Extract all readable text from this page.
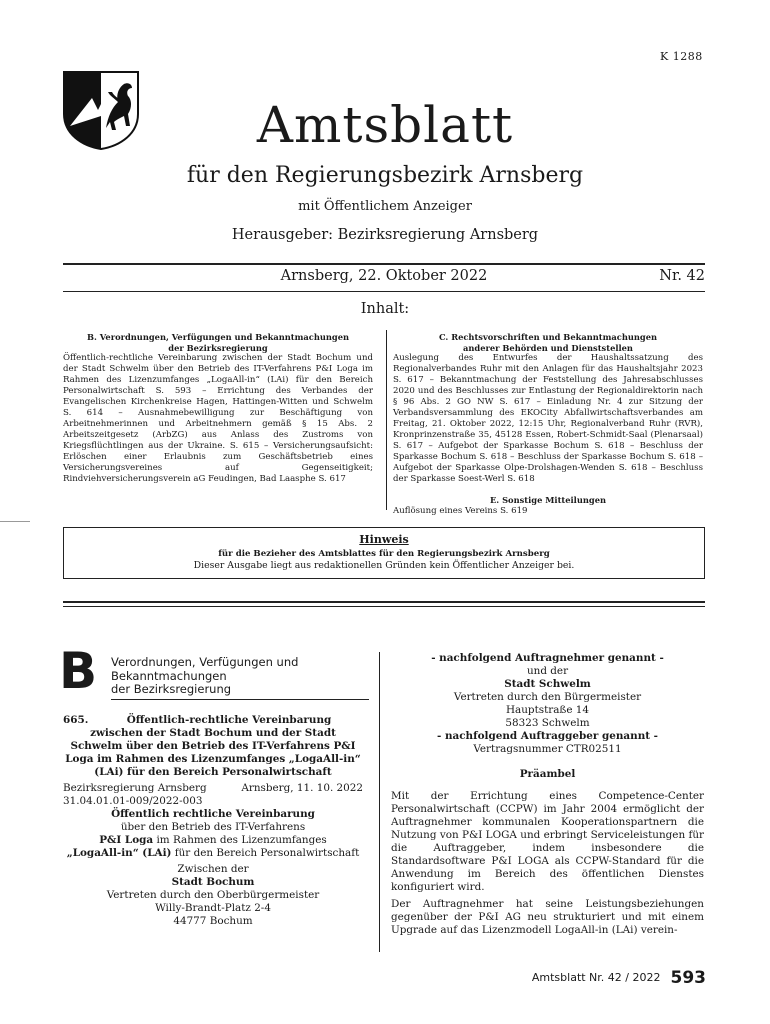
K 1288
Amtsblatt
für den Regierungsbezirk Arnsberg
mit Öffentlichem Anzeiger
Herausgeber: Bezirksregierung Arnsberg
Arnsberg, 22. Oktober 2022	Nr. 42
Inhalt:
B. Verordnungen, Verfügungen und Bekanntmachungen
der Bezirksregierung
Öffentlich-rechtliche Vereinbarung zwischen der Stadt Bochum und der Stadt Schwelm über den Betrieb des IT-Verfahrens P&I Loga im Rahmen des Lizenzumfanges „LogaAll-in“ (LAi) für den Bereich Personalwirtschaft S. 593 – Errichtung des Verbandes der Evangelischen Kirchenkreise Hagen, Hattingen-Witten und Schwelm S. 614 – Ausnahmebewilligung zur Beschäftigung von Arbeitnehmerinnen und Arbeitnehmern gemäß § 15 Abs. 2 Arbeitszeitgesetz (ArbZG) aus Anlass des Zustroms von Kriegsflüchtlingen aus der Ukraine. S. 615 – Versicherungsaufsicht: Erlöschen einer Erlaubnis zum Geschäftsbetrieb eines Versicherungsvereines auf Gegenseitigkeit; Rindviehversicherungsverein aG Feudingen, Bad Laasphe S. 617
C. Rechtsvorschriften und Bekanntmachungen
anderer Behörden und Dienststellen
Auslegung des Entwurfes der Haushaltssatzung des Regionalverbandes Ruhr mit den Anlagen für das Haushaltsjahr 2023 S. 617 – Bekanntmachung der Feststellung des Jahresabschlusses 2020 und des Beschlusses zur Entlastung der Regionaldirektorin nach § 96 Abs. 2 GO NW S. 617 – Einladung Nr. 4 zur Sitzung der Verbandsversammlung des EKOCity Abfallwirtschaftsverbandes am Freitag, 21. Oktober 2022, 12:15 Uhr, Regionalverband Ruhr (RVR), Kronprinzenstraße 35, 45128 Essen, Robert-Schmidt-Saal (Plenarsaal) S. 617 – Aufgebot der Sparkasse Bochum S. 618 – Beschluss der Sparkasse Bochum S. 618 – Beschluss der Sparkasse Bochum S. 618 – Aufgebot der Sparkasse Olpe-Drolshagen-Wenden S. 618 – Beschluss der Sparkasse Soest-Werl S. 618
E. Sonstige Mitteilungen
Auflösung eines Vereins S. 619
Hinweis
für die Bezieher des Amtsblattes für den Regierungsbezirk Arnsberg
Dieser Ausgabe liegt aus redaktionellen Gründen kein Öffentlicher Anzeiger bei.
B Verordnungen, Verfügungen und
Bekanntmachungen
der Bezirksregierung
665.	Öffentlich-rechtliche Vereinbarung
zwischen der Stadt Bochum und der Stadt Schwelm über den Betrieb des IT-Verfahrens P&I Loga im Rahmen des Lizenzumfanges „LogaAll-in“ (LAi) für den Bereich Personalwirtschaft
Bezirksregierung Arnsberg	Arnsberg, 11. 10. 2022
31.04.01.01-009/2022-003
Öffentlich rechtliche Vereinbarung
über den Betrieb des IT-Verfahrens
P&I Loga im Rahmen des Lizenzumfanges
„LogaAll-in“ (LAi) für den Bereich Personalwirtschaft
Zwischen der
Stadt Bochum
Vertreten durch den Oberbürgermeister
Willy-Brandt-Platz 2-4
44777 Bochum
- nachfolgend Auftragnehmer genannt -
und der
Stadt Schwelm
Vertreten durch den Bürgermeister
Hauptstraße 14
58323 Schwelm
- nachfolgend Auftraggeber genannt -
Vertragsnummer CTR02511
Präambel
Mit der Errichtung eines Competence-Center Personalwirtschaft (CCPW) im Jahr 2004 ermöglicht der Auftragnehmer kommunalen Kooperationspartnern die Nutzung von P&I LOGA und erbringt Serviceleistungen für die Auftraggeber, indem insbesondere die Standardsoftware P&I LOGA als CCPW-Standard für die Anwendung im Bereich des öffentlichen Dienstes konfiguriert wird.
Der Auftragnehmer hat seine Leistungsbeziehungen gegenüber der P&I AG neu strukturiert und mit einem Upgrade auf das Lizenzmodell LogaAll-in (LAi) verein-
Amtsblatt Nr. 42 / 2022 593
